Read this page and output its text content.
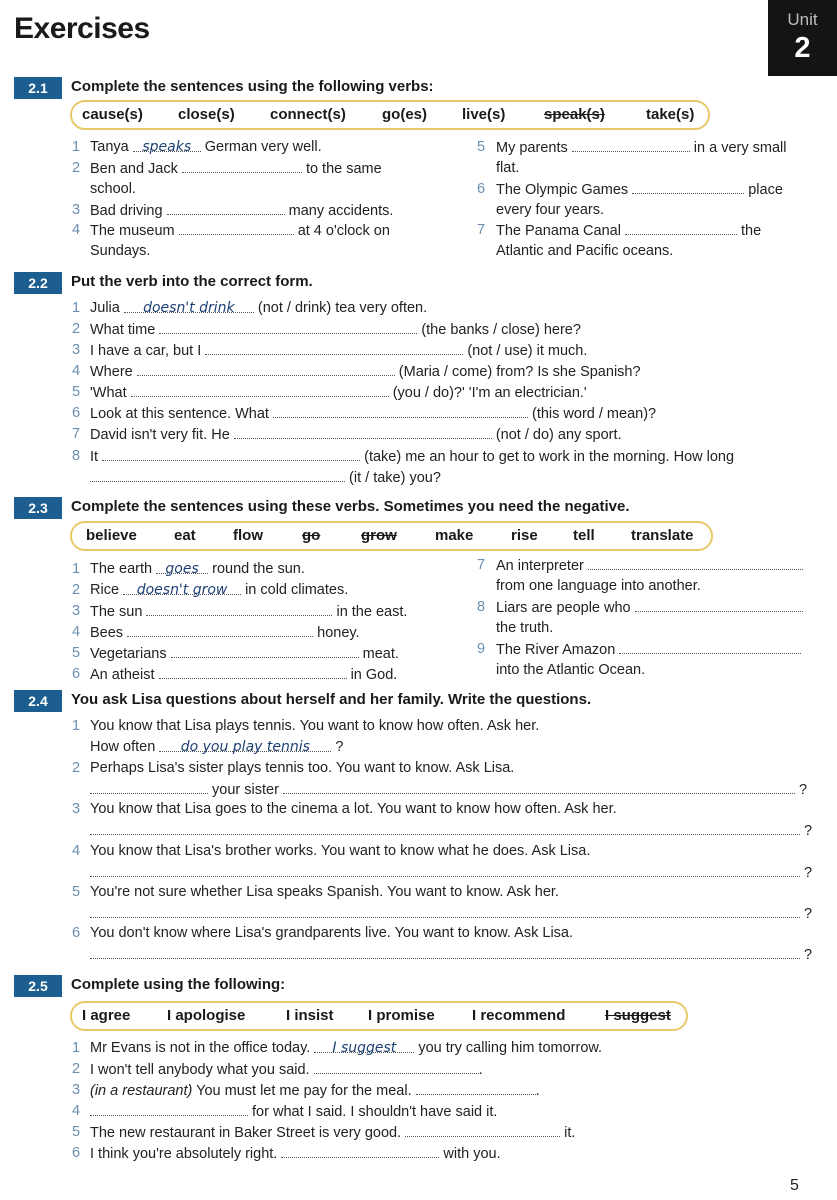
Exercises	Unit
2
2.1	Complete the sentences using the following verbs:
cause(s) close(s) connect(s) go(es) live(s)	speak(s)	take(s)
1 Tanya speaks German very well.
2 Ben and Jack	to the same
school.
3 Bad driving	many accidents.
4 The museum	at 4 o'clock on
Sundays.
5 My parents	in a very small
flat.
6 The Olympic Games	place
every four years.
7 The Panama Canal	the
Atlantic and Pacific oceans.
2.2	Put the verb into the correct form.
1 Julia doesn't drink (not / drink) tea very often.
2 What time	(the banks / close) here?
3 I have a car, but I	(not / use) it much.
4 Where	(Maria / come) from? Is she Spanish?
5 'What	(you / do)?' 'I'm an electrician.'
6 Look at this sentence. What	(this word / mean)?
7 David isn't very fit. He	(not / do) any sport.
8 It	(take) me an hour to get to work in the morning. How long
(it / take) you?
2.3	Complete the sentences using these verbs. Sometimes you need the negative.
believe eat flow	go	grow	make	rise tell translate
1 The earth goes round the sun.
2 Rice doesn't grow in cold climates.
3 The sun	in the east.
4 Bees	honey.
5 Vegetarians	meat.
6 An atheist	in God.
7 An interpreter
from one language into another.
8 Liars are people who
the truth.
9 The River Amazon
into the Atlantic Ocean.
2.4	You ask Lisa questions about herself and her family. Write the questions.
1 You know that Lisa plays tennis. You want to know how often. Ask her.
How often do you play tennis ?
2 Perhaps Lisa's sister plays tennis too. You want to know. Ask Lisa.
your sister	?
3 You know that Lisa goes to the cinema a lot. You want to know how often. Ask her.
?
4 You know that Lisa's brother works. You want to know what he does. Ask Lisa.
?
5 You're not sure whether Lisa speaks Spanish. You want to know. Ask her.
?
6 You don't know where Lisa's grandparents live. You want to know. Ask Lisa.
?
2.5	Complete using the following:
I agree I apologise	I insist I promise I recommend	I suggest
1 Mr Evans is not in the office today. I suggest you try calling him tomorrow.
2 I won't tell anybody what you said.	.
3 (in a restaurant) You must let me pay for the meal.	.
4	for what I said. I shouldn't have said it.
5 The new restaurant in Baker Street is very good.	it.
6 I think you're absolutely right.	with you.
5
